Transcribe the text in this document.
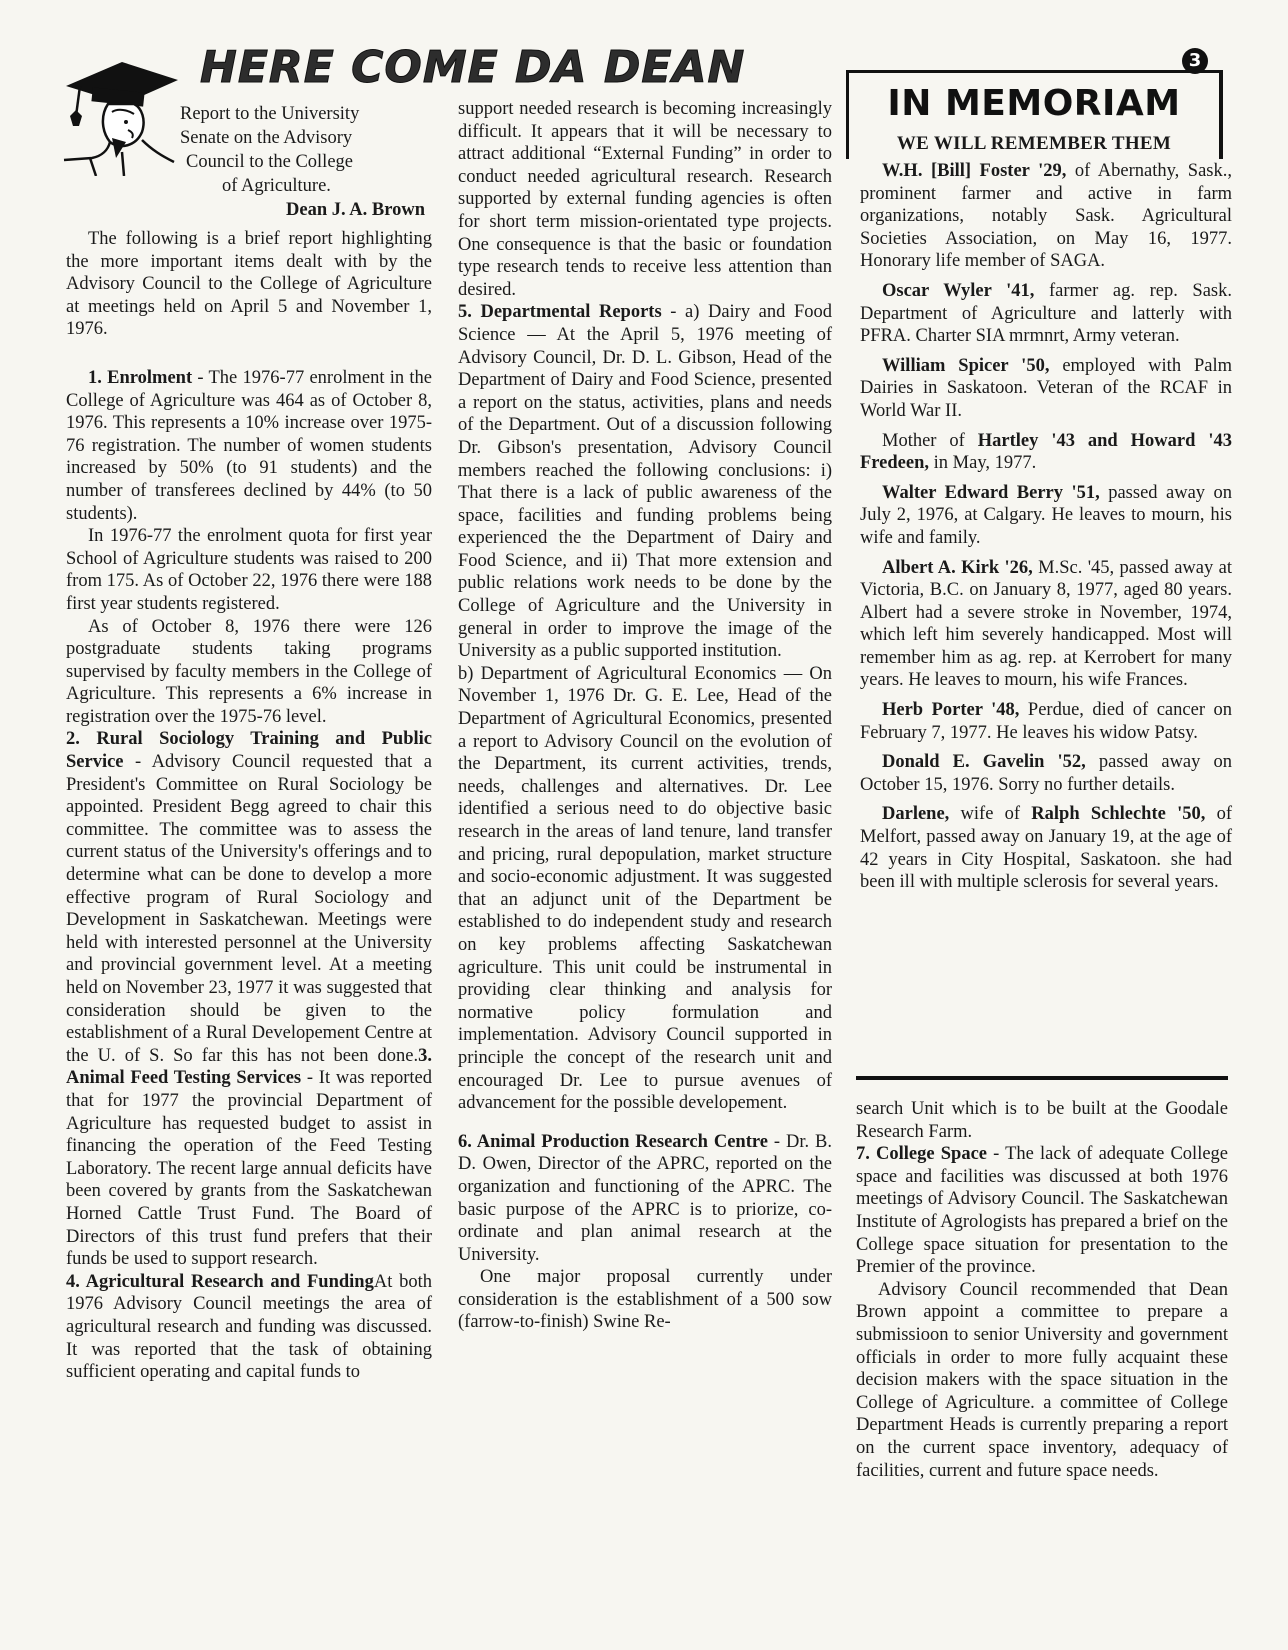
HERE COME DA DEAN	3
Report to the University
Senate on the Advisory
Council to the College
of Agriculture.
Dean J. A. Brown

The following is a brief report highlighting the more important items dealt with by the Advisory Council to the College of Agriculture at meetings held on April 5 and November 1, 1976.

1. Enrolment - The 1976-77 enrolment in the College of Agriculture was 464 as of October 8, 1976. This represents a 10% increase over 1975-76 registration. The number of women students increased by 50% (to 91 students) and the number of transferees declined by 44% (to 50 students).

In 1976-77 the enrolment quota for first year School of Agriculture students was raised to 200 from 175. As of October 22, 1976 there were 188 first year students registered.

As of October 8, 1976 there were 126 postgraduate students taking programs supervised by faculty members in the College of Agriculture. This represents a 6% increase in registration over the 1975-76 level.

2. Rural Sociology Training and Public Service - Advisory Council requested that a President's Committee on Rural Sociology be appointed. President Begg agreed to chair this committee. The committee was to assess the current status of the University's offerings and to determine what can be done to develop a more effective program of Rural Sociology and Development in Saskatchewan. Meetings were held with interested personnel at the University and provincial government level. At a meeting held on November 23, 1977 it was suggested that consideration should be given to the establishment of a Rural Developement Centre at the U. of S. So far this has not been done.3. Animal Feed Testing Services - It was reported that for 1977 the provincial Department of Agriculture has requested budget to assist in financing the operation of the Feed Testing Laboratory. The recent large annual deficits have been covered by grants from the Saskatchewan Horned Cattle Trust Fund. The Board of Directors of this trust fund prefers that their funds be used to support research.

4. Agricultural Research and FundingAt both 1976 Advisory Council meetings the area of agricultural research and funding was discussed. It was reported that the task of obtaining sufficient operating and capital funds to

support needed research is becoming increasingly difficult. It appears that it will be necessary to attract additional “External Funding” in order to conduct needed agricultural research. Research supported by external funding agencies is often for short term mission-orientated type projects. One consequence is that the basic or foundation type research tends to receive less attention than desired.

5. Departmental Reports - a) Dairy and Food Science — At the April 5, 1976 meeting of Advisory Council, Dr. D. L. Gibson, Head of the Department of Dairy and Food Science, presented a report on the status, activities, plans and needs of the Department. Out of a discussion following Dr. Gibson's presentation, Advisory Council members reached the following conclusions: i) That there is a lack of public awareness of the space, facilities and funding problems being experienced the the Department of Dairy and Food Science, and ii) That more extension and public relations work needs to be done by the College of Agriculture and the University in general in order to improve the image of the University as a public supported institution.

b) Department of Agricultural Economics — On November 1, 1976 Dr. G. E. Lee, Head of the Department of Agricultural Economics, presented a report to Advisory Council on the evolution of the Department, its current activities, trends, needs, challenges and alternatives. Dr. Lee identified a serious need to do objective basic research in the areas of land tenure, land transfer and pricing, rural depopulation, market structure and socio-economic adjustment. It was suggested that an adjunct unit of the Department be established to do independent study and research on key problems affecting Saskatchewan agriculture. This unit could be instrumental in providing clear thinking and analysis for normative policy formulation and implementation. Advisory Council supported in principle the concept of the research unit and encouraged Dr. Lee to pursue avenues of advancement for the possible developement.

6. Animal Production Research Centre - Dr. B. D. Owen, Director of the APRC, reported on the organization and functioning of the APRC. The basic purpose of the APRC is to priorize, co-ordinate and plan animal research at the University.

One major proposal currently under consideration is the establishment of a 500 sow (farrow-to-finish) Swine Re-

IN MEMORIAM
WE WILL REMEMBER THEM

W.H. [Bill] Foster '29, of Abernathy, Sask., prominent farmer and active in farm organizations, notably Sask. Agricultural Societies Association, on May 16, 1977. Honorary life member of SAGA.

Oscar Wyler '41, farmer ag. rep. Sask. Department of Agriculture and latterly with PFRA. Charter SIA mrmnrt, Army veteran.

William Spicer '50, employed with Palm Dairies in Saskatoon. Veteran of the RCAF in World War II.

Mother of Hartley '43 and Howard '43 Fredeen, in May, 1977.

Walter Edward Berry '51, passed away on July 2, 1976, at Calgary. He leaves to mourn, his wife and family.

Albert A. Kirk '26, M.Sc. '45, passed away at Victoria, B.C. on January 8, 1977, aged 80 years. Albert had a severe stroke in November, 1974, which left him severely handicapped. Most will remember him as ag. rep. at Kerrobert for many years. He leaves to mourn, his wife Frances.

Herb Porter '48, Perdue, died of cancer on February 7, 1977. He leaves his widow Patsy.

Donald E. Gavelin '52, passed away on October 15, 1976. Sorry no further details.

Darlene, wife of Ralph Schlechte '50, of Melfort, passed away on January 19, at the age of 42 years in City Hospital, Saskatoon. she had been ill with multiple sclerosis for several years.

search Unit which is to be built at the Goodale Research Farm.

7. College Space - The lack of adequate College space and facilities was discussed at both 1976 meetings of Advisory Council. The Saskatchewan Institute of Agrologists has prepared a brief on the College space situation for presentation to the Premier of the province.

Advisory Council recommended that Dean Brown appoint a committee to prepare a submissioon to senior University and government officials in order to more fully acquaint these decision makers with the space situation in the College of Agriculture. a committee of College Department Heads is currently preparing a report on the current space inventory, adequacy of facilities, current and future space needs.
